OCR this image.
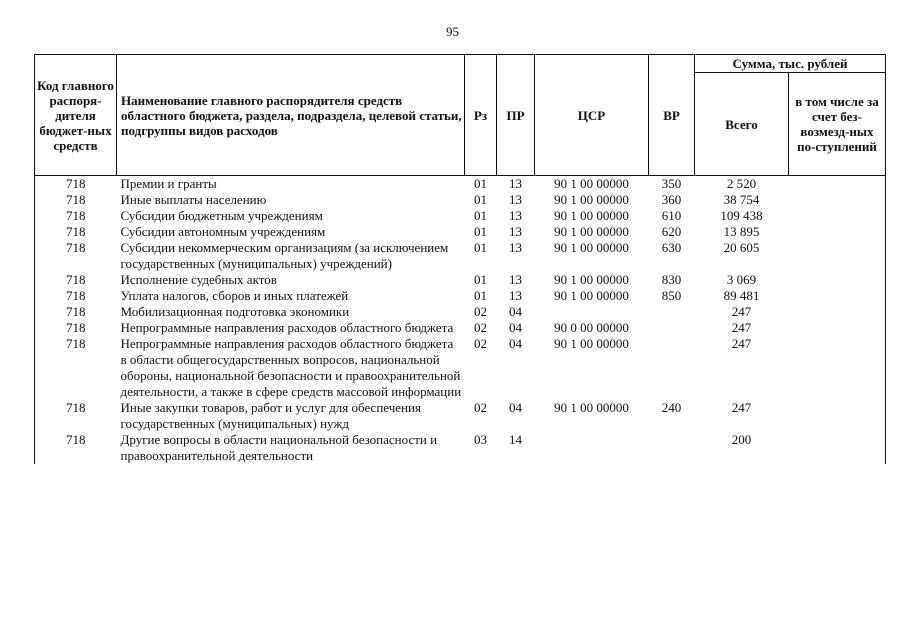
95
Код главного распоря-дителя бюджет-ных средств	Наименование главного распорядителя средств областного бюджета, раздела, подраздела, целевой статьи, подгруппы видов расходов	Рз	ПР	ЦСР	ВР	Сумма, тыс. рублей	
						Всего	в том числе за счет без-возмезд-ных по-ступлений
718	Премии и гранты	01	13	90 1 00 00000	350	2 520	
718	Иные выплаты населению	01	13	90 1 00 00000	360	38 754	
718	Субсидии бюджетным учреждениям	01	13	90 1 00 00000	610	109 438	
718	Субсидии автономным учреждениям	01	13	90 1 00 00000	620	13 895	
718	Субсидии некоммерческим организациям (за исключением государственных (муниципальных) учреждений)	01	13	90 1 00 00000	630	20 605	
718	Исполнение судебных актов	01	13	90 1 00 00000	830	3 069	
718	Уплата налогов, сборов и иных платежей	01	13	90 1 00 00000	850	89 481	
718	Мобилизационная подготовка экономики	02	04			247	
718	Непрограммные направления расходов областного бюджета	02	04	90 0 00 00000		247	
718	Непрограммные направления расходов областного бюджета в области общегосударственных вопросов, национальной обороны, национальной безопасности и правоохранительной деятельности, а также в сфере средств массовой информации	02	04	90 1 00 00000		247	
718	Иные закупки товаров, работ и услуг для обеспечения государственных (муниципальных) нужд	02	04	90 1 00 00000	240	247	
718	Другие вопросы в области национальной безопасности и правоохранительной деятельности	03	14			200	
